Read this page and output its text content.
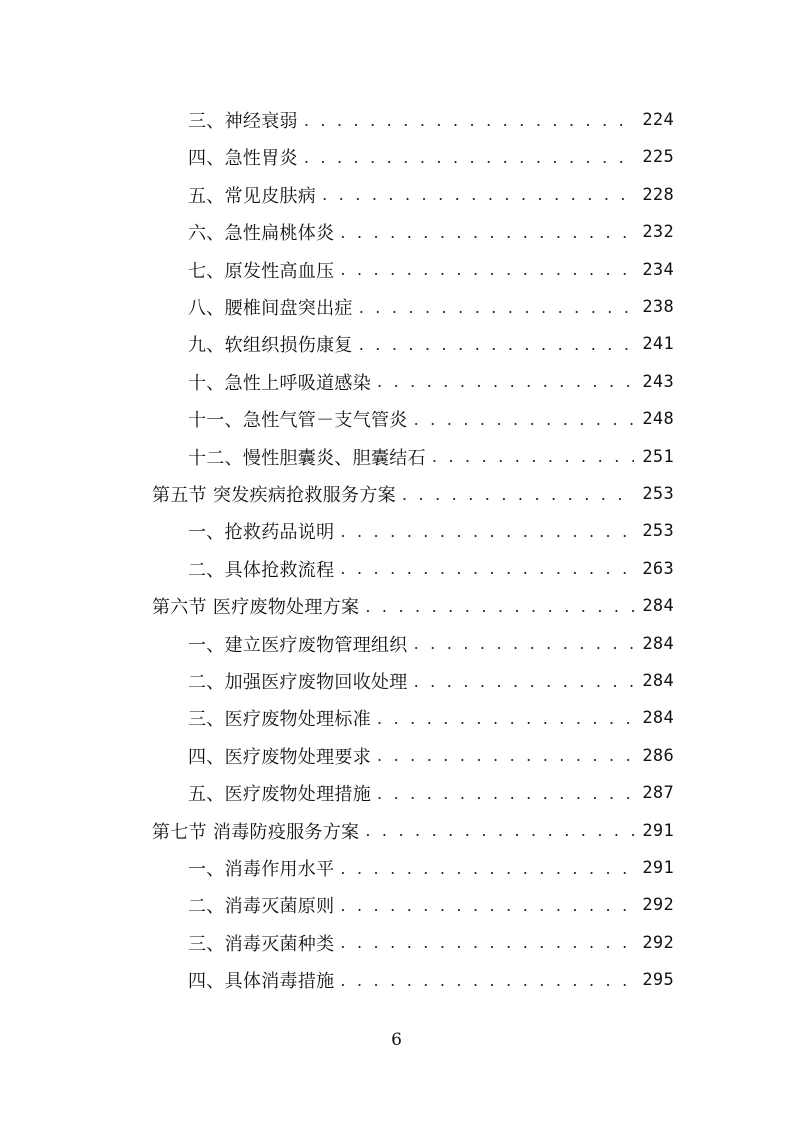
三、神经衰弱 . . .	224
四、急性胃炎 . . .	225
五、常见皮肤病 . . .	228
六、急性扁桃体炎 . . .	232
七、原发性高血压 . . .	234
八、腰椎间盘突出症 . . .	238
九、软组织损伤康复 . . .	241
十、急性上呼吸道感染 . . .	243
十一、急性气管－支气管炎 . . .	248
十二、慢性胆囊炎、胆囊结石 . . .	251
第五节 突发疾病抢救服务方案 . . .	253
一、抢救药品说明 . . .	253
二、具体抢救流程 . . .	263
第六节 医疗废物处理方案 . . .	284
一、建立医疗废物管理组织 . . .	284
二、加强医疗废物回收处理 . . .	284
三、医疗废物处理标准 . . .	284
四、医疗废物处理要求 . . .	286
五、医疗废物处理措施 . . .	287
第七节 消毒防疫服务方案 . . .	291
一、消毒作用水平 . . .	291
二、消毒灭菌原则 . . .	292
三、消毒灭菌种类 . . .	292
四、具体消毒措施 . . .	295
6
